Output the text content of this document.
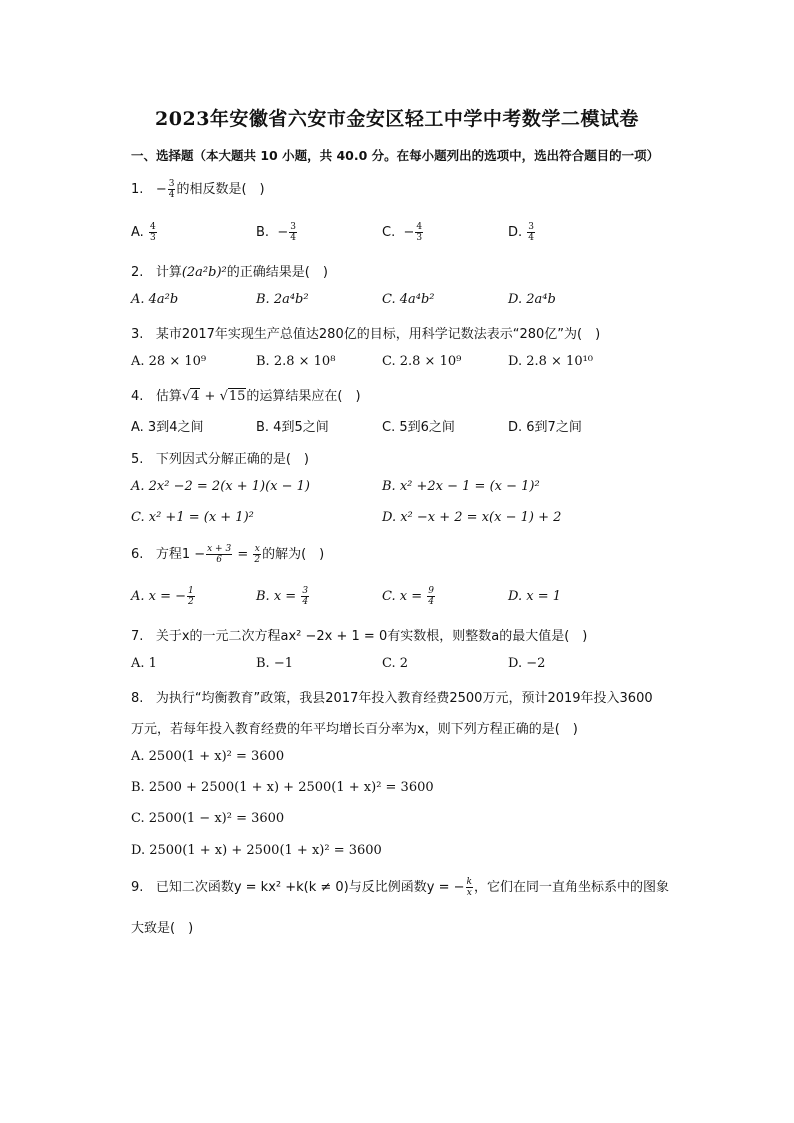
2023年安徽省六安市金安区轻工中学中考数学二模试卷
一、选择题（本大题共 10 小题，共 40.0 分。在每小题列出的选项中，选出符合题目的一项）
1. − $\frac{3}{4}$ 的相反数是(　)
A. $\frac{4}{3}$	B. − $\frac{3}{4}$	C. − $\frac{4}{3}$	D. $\frac{3}{4}$
2. 计算(2a²b)²的正确结果是(　)
A. 4a²b	B. 2a⁴b²	C. 4a⁴b²	D. 2a⁴b
3. 某市2017年实现生产总值达280亿的目标，用科学记数法表示“280亿”为(　)
A. 28 × 10⁹	B. 2.8 × 10⁸	C. 2.8 × 10⁹	D. 2.8 × 10¹⁰
4. 估算√4 + √15的运算结果应在(　)
A. 3到4之间	B. 4到5之间	C. 5到6之间	D. 6到7之间
5. 下列因式分解正确的是(　)
A. 2x² −2 = 2(x + 1)(x − 1)	B. x² +2x − 1 = (x − 1)²
C. x² +1 = (x + 1)²	D. x² −x + 2 = x(x − 1) + 2
6. 方程$1 - \frac{x + 3}{6} = \frac{x}{2}$ 的解为(　)
A. x = − $\frac{1}{2}$	B. $x = \frac{3}{4}$	C. $x = \frac{9}{4}$	D. x = 1
7. 关于x的一元二次方程ax² −2x + 1 = 0有实数根，则整数a的最大值是(　)
A. 1	B. −1	C. 2	D. −2
8. 为执行“均衡教育”政策，我县2017年投入教育经费2500万元，预计2019年投入3600
万元，若每年投入教育经费的年平均增长百分率为x，则下列方程正确的是(　)
A. 2500(1 + x)² = 3600
B. 2500 + 2500(1 + x) + 2500(1 + x)² = 3600
C. 2500(1 − x)² = 3600
D. 2500(1 + x) + 2500(1 + x)² = 3600
9. 已知二次函数y = kx² +k(k ≠ 0)与反比例函数y = − $\frac{k}{x}$ ，它们在同一直角坐标系中的图象
大致是(　)
